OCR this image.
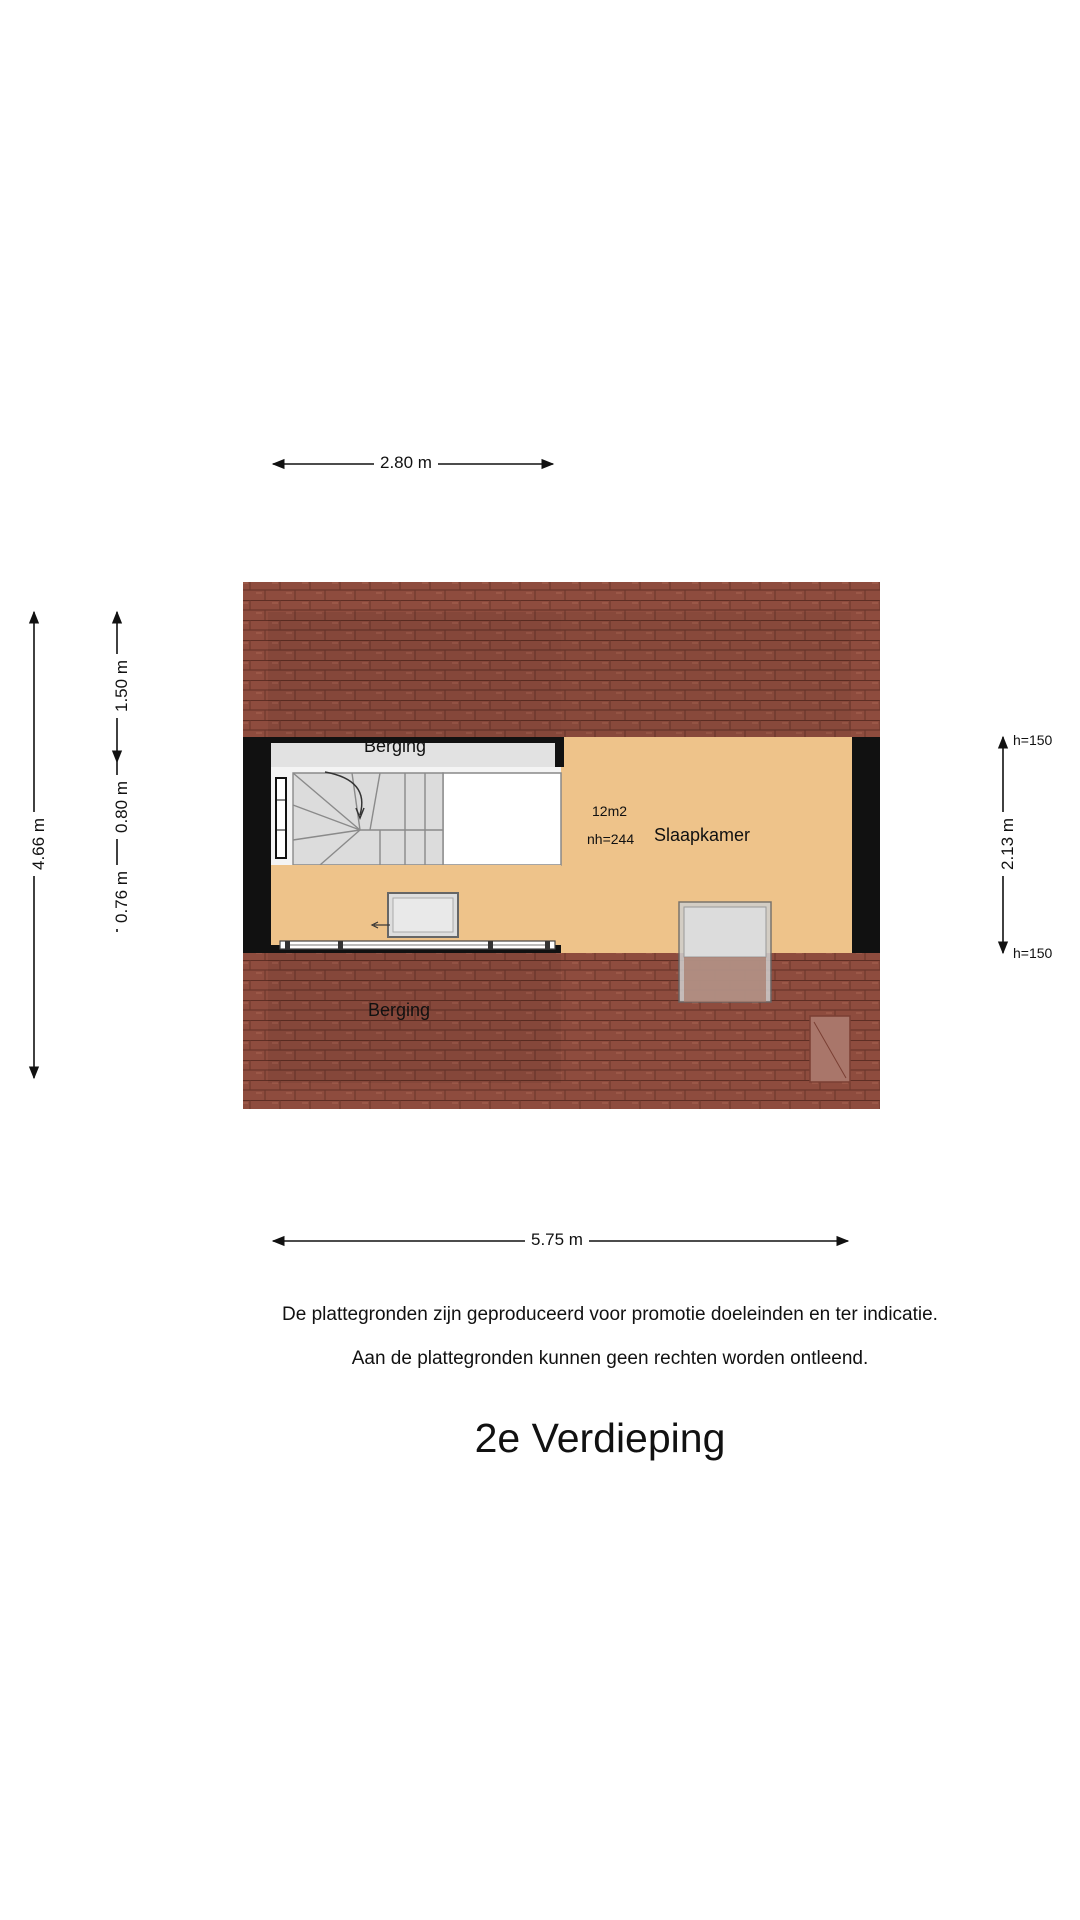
2.80 m
5.75 m
4.66 m
1.50 m
0.80 m
0.76 m
2.13 m
h=150
h=150
Berging
Berging
Slaapkamer
12m2
nh=244
De plattegronden zijn geproduceerd voor promotie doeleinden en ter indicatie.
Aan de plattegronden kunnen geen rechten worden ontleend.
2e Verdieping
